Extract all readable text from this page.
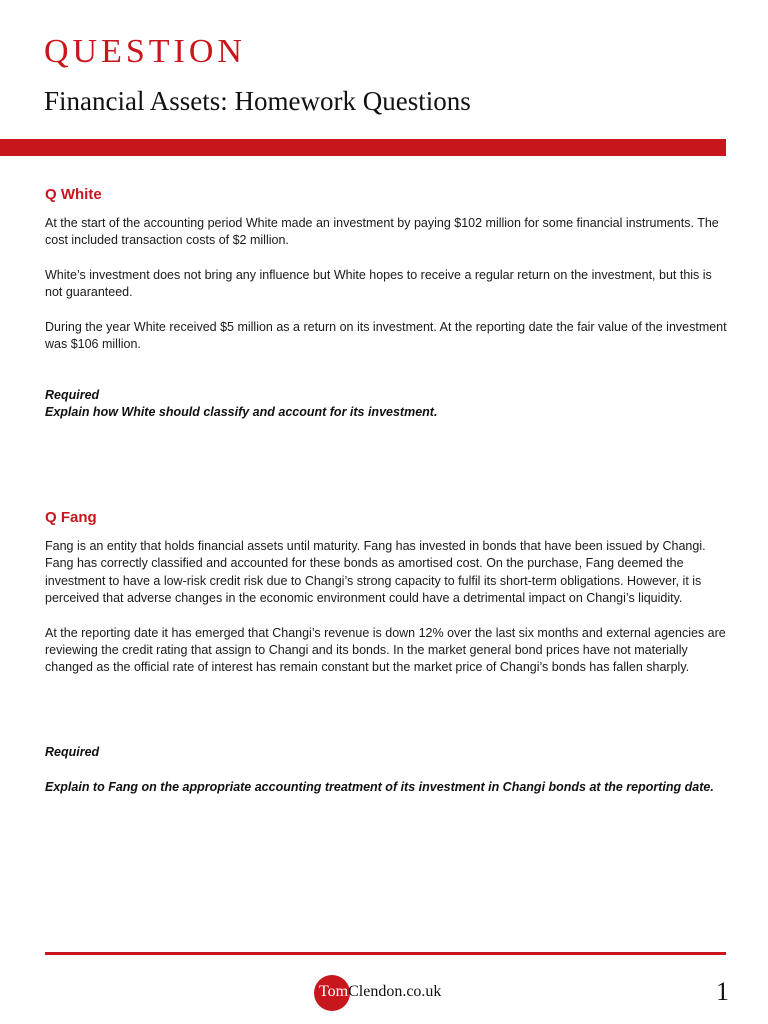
QUESTION
Financial Assets: Homework Questions
Q White

At the start of the accounting period White made an investment by paying $102 million for some financial instruments. The cost included transaction costs of $2 million.

White’s investment does not bring any influence but White hopes to receive a regular return on the investment, but this is not guaranteed.

During the year White received $5 million as a return on its investment. At the reporting date the fair value of the investment was $106 million.

Required

Explain how White should classify and account for its investment.

Q Fang

Fang is an entity that holds financial assets until maturity. Fang has invested in bonds that have been issued by Changi. Fang has correctly classified and accounted for these bonds as amortised cost. On the purchase, Fang deemed the investment to have a low-risk credit risk due to Changi’s strong capacity to fulfil its short-term obligations. However, it is perceived that adverse changes in the economic environment could have a detrimental impact on Changi’s liquidity.

At the reporting date it has emerged that Changi’s revenue is down 12% over the last six months and external agencies are reviewing the credit rating that assign to Changi and its bonds. In the market general bond prices have not materially changed as the official rate of interest has remain constant but the market price of Changi’s bonds has fallen sharply.

Required

Explain to Fang on the appropriate accounting treatment of its investment in Changi bonds at the reporting date.

TomClendon.co.uk	1
